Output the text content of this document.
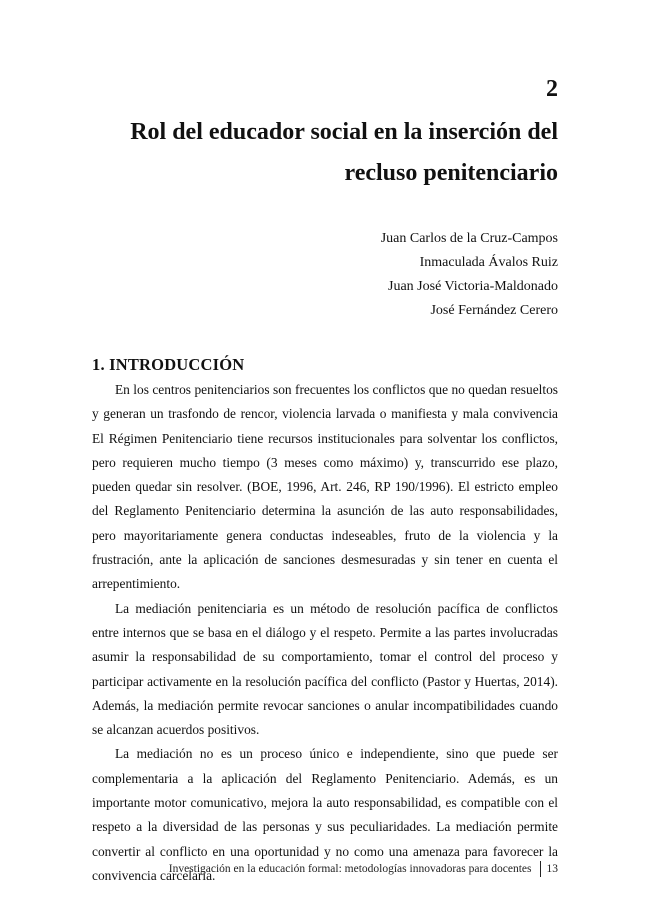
2
Rol del educador social en la inserción del
recluso penitenciario
Juan Carlos de la Cruz-Campos
Inmaculada Ávalos Ruiz
Juan José Victoria-Maldonado
José Fernández Cerero
1. INTRODUCCIÓN

En los centros penitenciarios son frecuentes los conflictos que no quedan resueltos y generan un trasfondo de rencor, violencia larvada o manifiesta y mala convivencia El Régimen Penitenciario tiene recursos institucionales para solventar los conflictos, pero requieren mucho tiempo (3 meses como máximo) y, transcurrido ese plazo, pueden quedar sin resolver. (BOE, 1996, Art. 246, RP 190/1996). El estricto empleo del Reglamento Penitenciario determina la asunción de las auto responsabilidades, pero mayoritariamente genera conductas indeseables, fruto de la violencia y la frustración, ante la aplicación de sanciones desmesuradas y sin tener en cuenta el arrepentimiento.

La mediación penitenciaria es un método de resolución pacífica de conflictos entre internos que se basa en el diálogo y el respeto. Permite a las partes involucradas asumir la responsabilidad de su comportamiento, tomar el control del proceso y participar activamente en la resolución pacífica del conflicto (Pastor y Huertas, 2014). Además, la mediación permite revocar sanciones o anular incompatibilidades cuando se alcanzan acuerdos positivos.

La mediación no es un proceso único e independiente, sino que puede ser complementaria a la aplicación del Reglamento Penitenciario. Además, es un importante motor comunicativo, mejora la auto responsabilidad, es compatible con el respeto a la diversidad de las personas y sus peculiaridades. La mediación permite convertir al conflicto en una oportunidad y no como una amenaza para favorecer la convivencia carcelaria.

Investigación en la educación formal: metodologías innovadoras para docentes 13
